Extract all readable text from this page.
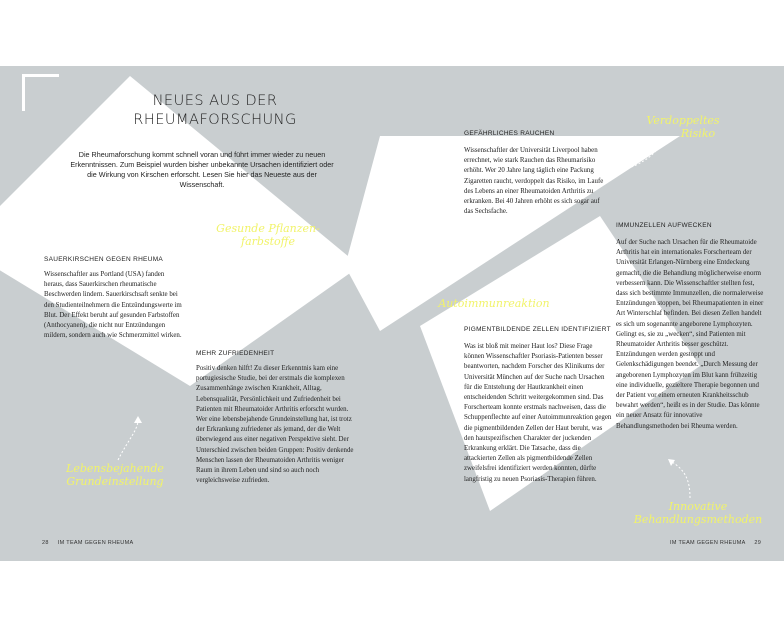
NEUES AUS DER
RHEUMAFORSCHUNG

Die Rheumaforschung kommt schnell voran und führt immer wieder zu neuen Erkenntnissen. Zum Beispiel wurden bisher unbekannte Ursachen identifiziert oder die Wirkung von Kirschen erforscht. Lesen Sie hier das Neueste aus der Wissenschaft.

Gesunde Pflanzen-
farbstoffe
SAUERKIRSCHEN GEGEN RHEUMA

Wissenschaftler aus Portland (USA) fanden heraus, dass Sauerkirschen rheumatische Beschwerden lindern. Sauerkirschsaft senkte bei den Studienteilnehmern die Entzündungswerte im Blut. Der Effekt beruht auf gesunden Farbstoffen (Anthocyanen), die nicht nur Entzündungen mildern, sondern auch wie Schmerzmittel wirken.

MEHR ZUFRIEDENHEIT

Positiv denken hilft! Zu dieser Erkenntnis kam eine portugiesische Studie, bei der erstmals die komplexen Zusammenhänge zwischen Krankheit, Alltag, Lebensqualität, Persönlichkeit und Zufriedenheit bei Patienten mit Rheumatoider Arthritis erforscht wurden. Wer eine lebensbejahende Grundeinstellung hat, ist trotz der Erkrankung zufriedener als jemand, der die Welt überwiegend aus einer negativen Perspektive sieht. Der Unterschied zwischen beiden Gruppen: Positiv denkende Menschen lassen der Rheumatoiden Arthritis weniger Raum in ihrem Leben und sind so auch noch vergleichsweise zufrieden.

Lebensbejahende
Grundeinstellung
28 IM TEAM GEGEN RHEUMA
GEFÄHRLICHES RAUCHEN

Wissenschaftler der Universität Liverpool haben errechnet, wie stark Rauchen das Rheumarisiko erhöht. Wer 20 Jahre lang täglich eine Packung Zigaretten raucht, verdoppelt das Risiko, im Laufe des Lebens an einer Rheumatoiden Arthritis zu erkranken. Bei 40 Jahren erhöht es sich sogar auf das Sechsfache.

Verdoppeltes
Risiko
IMMUNZELLEN AUFWECKEN

Auf der Suche nach Ursachen für die Rheumatoide Arthritis hat ein internationales Forscherteam der Universität Erlangen-Nürnberg eine Entdeckung gemacht, die die Behandlung möglicherweise enorm verbessern kann. Die Wissenschaftler stellten fest, dass sich bestimmte Immunzellen, die normalerweise Entzündungen stoppen, bei Rheumapatienten in einer Art Winterschlaf befinden. Bei diesen Zellen handelt es sich um sogenannte angeborene Lymphozyten. Gelingt es, sie zu „wecken“, sind Patienten mit Rheumatoider Arthritis besser geschützt. Entzündungen werden gestoppt und Gelenkschädigungen beendet. „Durch Messung der angeborenen Lymphozyten im Blut kann frühzeitig eine individuelle, gezieltere Therapie begonnen und der Patient vor einem erneuten Krankheitsschub bewahrt werden“, heißt es in der Studie. Das könnte ein neuer Ansatz für innovative Behandlungsmethoden bei Rheuma werden.

Autoimmunreaktion
PIGMENTBILDENDE ZELLEN IDENTIFIZIERT

Was ist bloß mit meiner Haut los? Diese Frage können Wissenschaftler Psoriasis-Patienten besser beantworten, nachdem Forscher des Klinikums der Universität München auf der Suche nach Ursachen für die Entstehung der Hautkrankheit einen entscheidenden Schritt weitergekommen sind. Das Forscherteam konnte erstmals nachweisen, dass die Schuppenflechte auf einer Autoimmunreaktion gegen die pigmentbildenden Zellen der Haut beruht, was den hautspezifischen Charakter der juckenden Erkrankung erklärt. Die Tatsache, dass die attackierten Zellen als pigmentbildende Zellen zweifelsfrei identifiziert werden konnten, dürfte langfristig zu neuen Psoriasis-Therapien führen.

Innovative
Behandlungsmethoden
IM TEAM GEGEN RHEUMA 29
